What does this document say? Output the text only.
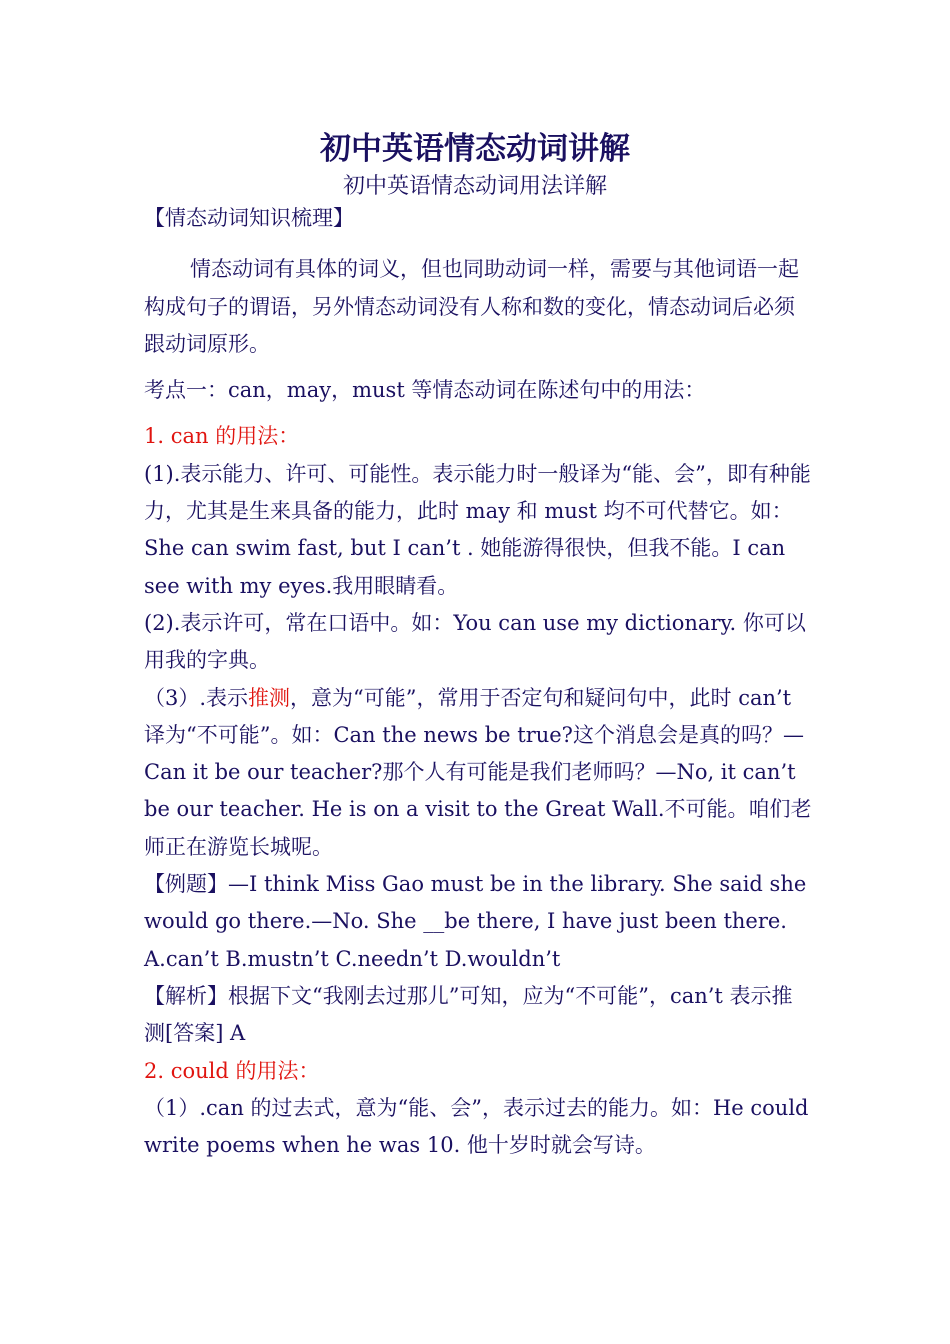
初中英语情态动词讲解
初中英语情态动词用法详解

【情态动词知识梳理】

情态动词有具体的词义，但也同助动词一样，需要与其他词语一起构成句子的谓语，另外情态动词没有人称和数的变化，情态动词后必须跟动词原形。

考点一：can，may，must 等情态动词在陈述句中的用法：

1. can 的用法：

(1).表示能力、许可、可能性。表示能力时一般译为“能、会”，即有种能力，尤其是生来具备的能力，此时 may 和 must 均不可代替它。如：She can swim fast, but I can’t . 她能游得很快，但我不能。I can see with my eyes.我用眼睛看。

(2).表示许可，常在口语中。如：You can use my dictionary. 你可以用我的字典。

（3）.表示推测，意为“可能”，常用于否定句和疑问句中，此时 can’t 译为“不可能”。如：Can the news be true?这个消息会是真的吗？—Can it be our teacher?那个人有可能是我们老师吗？—No, it can’t be our teacher. He is on a visit to the Great Wall.不可能。咱们老师正在游览长城呢。

【例题】—I think Miss Gao must be in the library. She said she would go there.—No. She __be there, I have just been there. A.can’t B.mustn’t C.needn’t D.wouldn’t

【解析】根据下文“我刚去过那儿”可知，应为“不可能”，can’t 表示推测[答案] A

2. could 的用法：

（1）.can 的过去式，意为“能、会”，表示过去的能力。如：He could write poems when he was 10. 他十岁时就会写诗。
